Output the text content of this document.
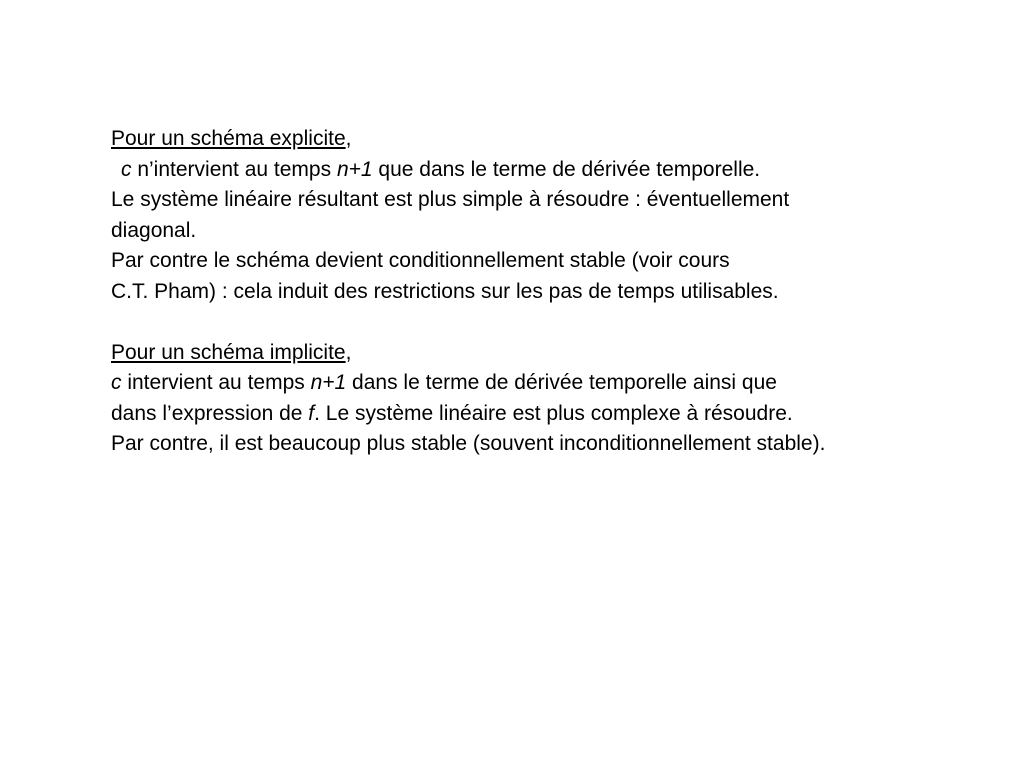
Pour un schéma explicite,
c n’intervient au temps n+1 que dans le terme de dérivée temporelle.
Le système linéaire résultant est plus simple à résoudre : éventuellement
diagonal.
Par contre le schéma devient conditionnellement stable (voir cours
C.T. Pham) : cela induit des restrictions sur les pas de temps utilisables.
Pour un schéma implicite,
c intervient au temps n+1 dans le terme de dérivée temporelle ainsi que
dans l’expression de f. Le système linéaire est plus complexe à résoudre.
Par contre, il est beaucoup plus stable (souvent inconditionnellement stable).
